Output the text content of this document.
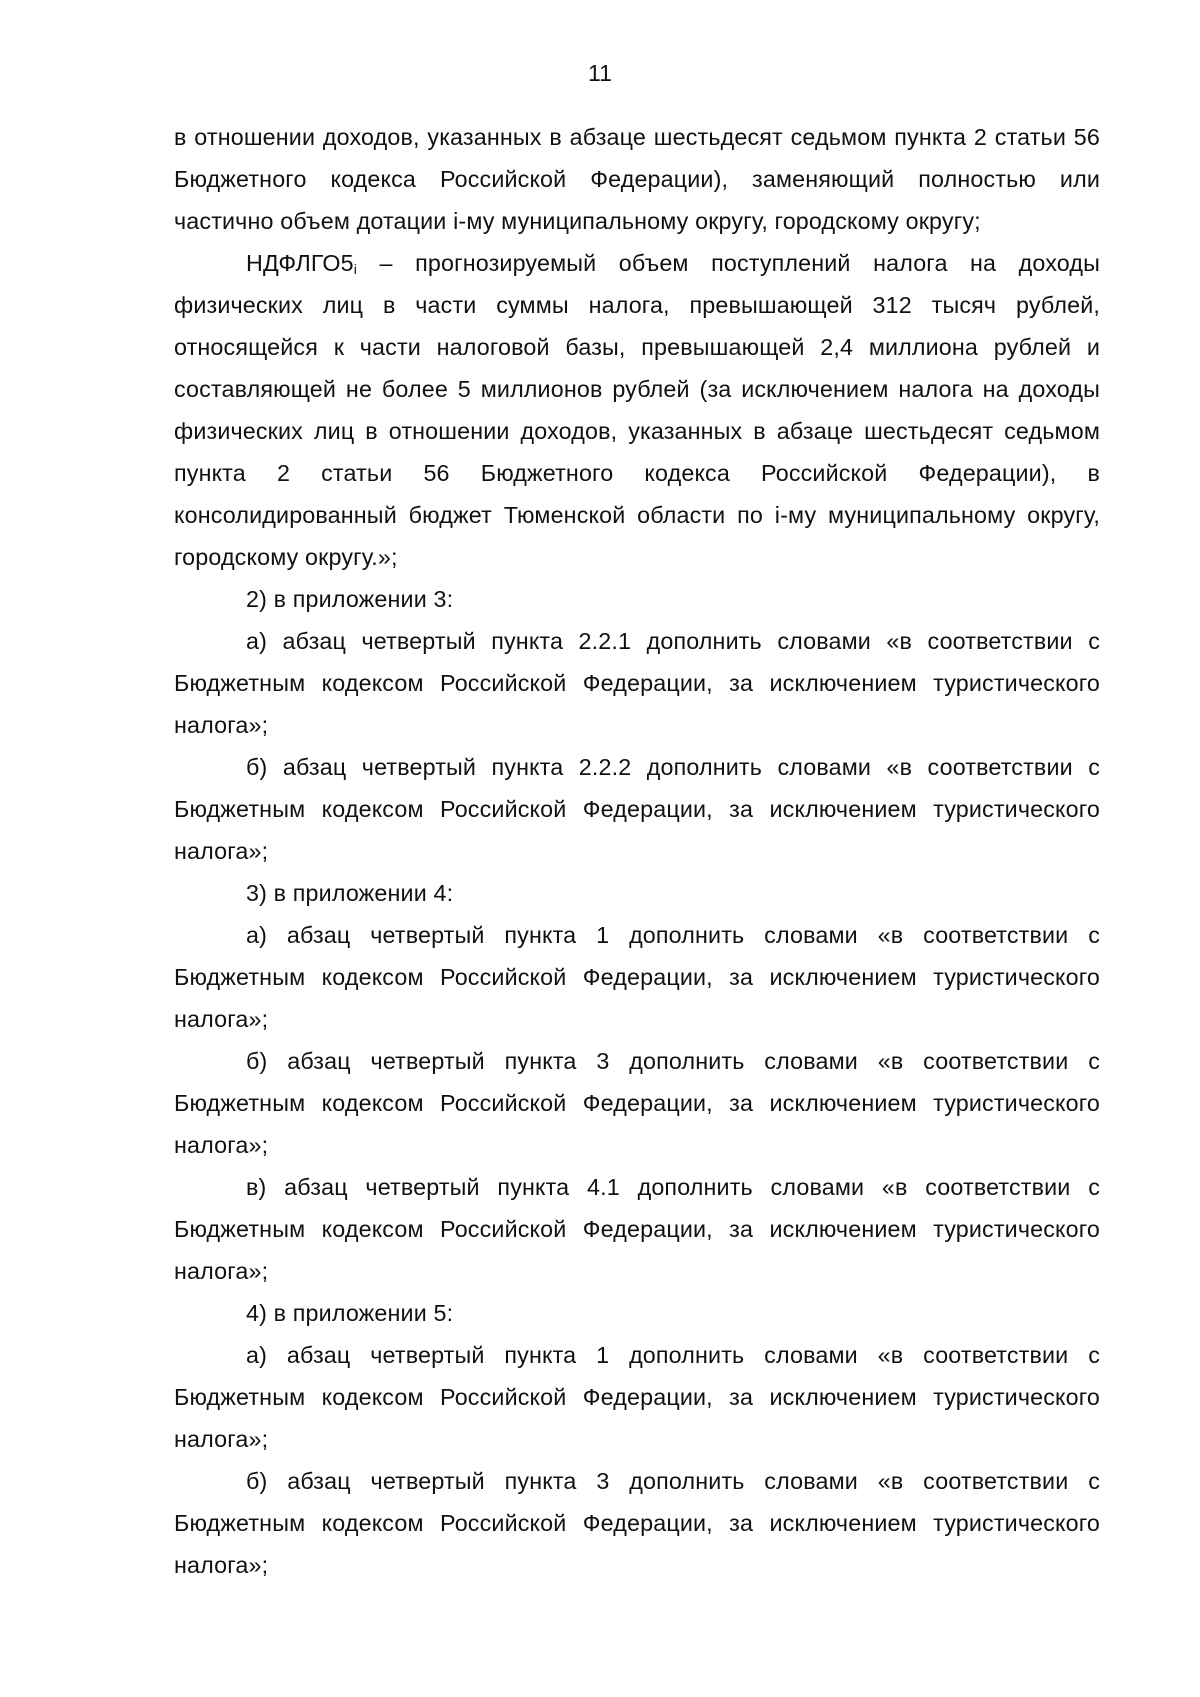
11

в отношении доходов, указанных в абзаце шестьдесят седьмом пункта 2 статьи 56 Бюджетного кодекса Российской Федерации), заменяющий полностью или частично объем дотации i-му муниципальному округу, городскому округу;

$НДФЛГО5_i$ – прогнозируемый объем поступлений налога на доходы физических лиц в части суммы налога, превышающей 312 тысяч рублей, относящейся к части налоговой базы, превышающей 2,4 миллиона рублей и составляющей не более 5 миллионов рублей (за исключением налога на доходы физических лиц в отношении доходов, указанных в абзаце шестьдесят седьмом пункта 2 статьи 56 Бюджетного кодекса Российской Федерации), в консолидированный бюджет Тюменской области по i-му муниципальному округу, городскому округу.»;

2) в приложении 3:

а) абзац четвертый пункта 2.2.1 дополнить словами «в соответствии с Бюджетным кодексом Российской Федерации, за исключением туристического налога»;

б) абзац четвертый пункта 2.2.2 дополнить словами «в соответствии с Бюджетным кодексом Российской Федерации, за исключением туристического налога»;

3) в приложении 4:

а) абзац четвертый пункта 1 дополнить словами «в соответствии с Бюджетным кодексом Российской Федерации, за исключением туристического налога»;

б) абзац четвертый пункта 3 дополнить словами «в соответствии с Бюджетным кодексом Российской Федерации, за исключением туристического налога»;

в) абзац четвертый пункта 4.1 дополнить словами «в соответствии с Бюджетным кодексом Российской Федерации, за исключением туристического налога»;

4) в приложении 5:

а) абзац четвертый пункта 1 дополнить словами «в соответствии с Бюджетным кодексом Российской Федерации, за исключением туристического налога»;

б) абзац четвертый пункта 3 дополнить словами «в соответствии с Бюджетным кодексом Российской Федерации, за исключением туристического налога»;
